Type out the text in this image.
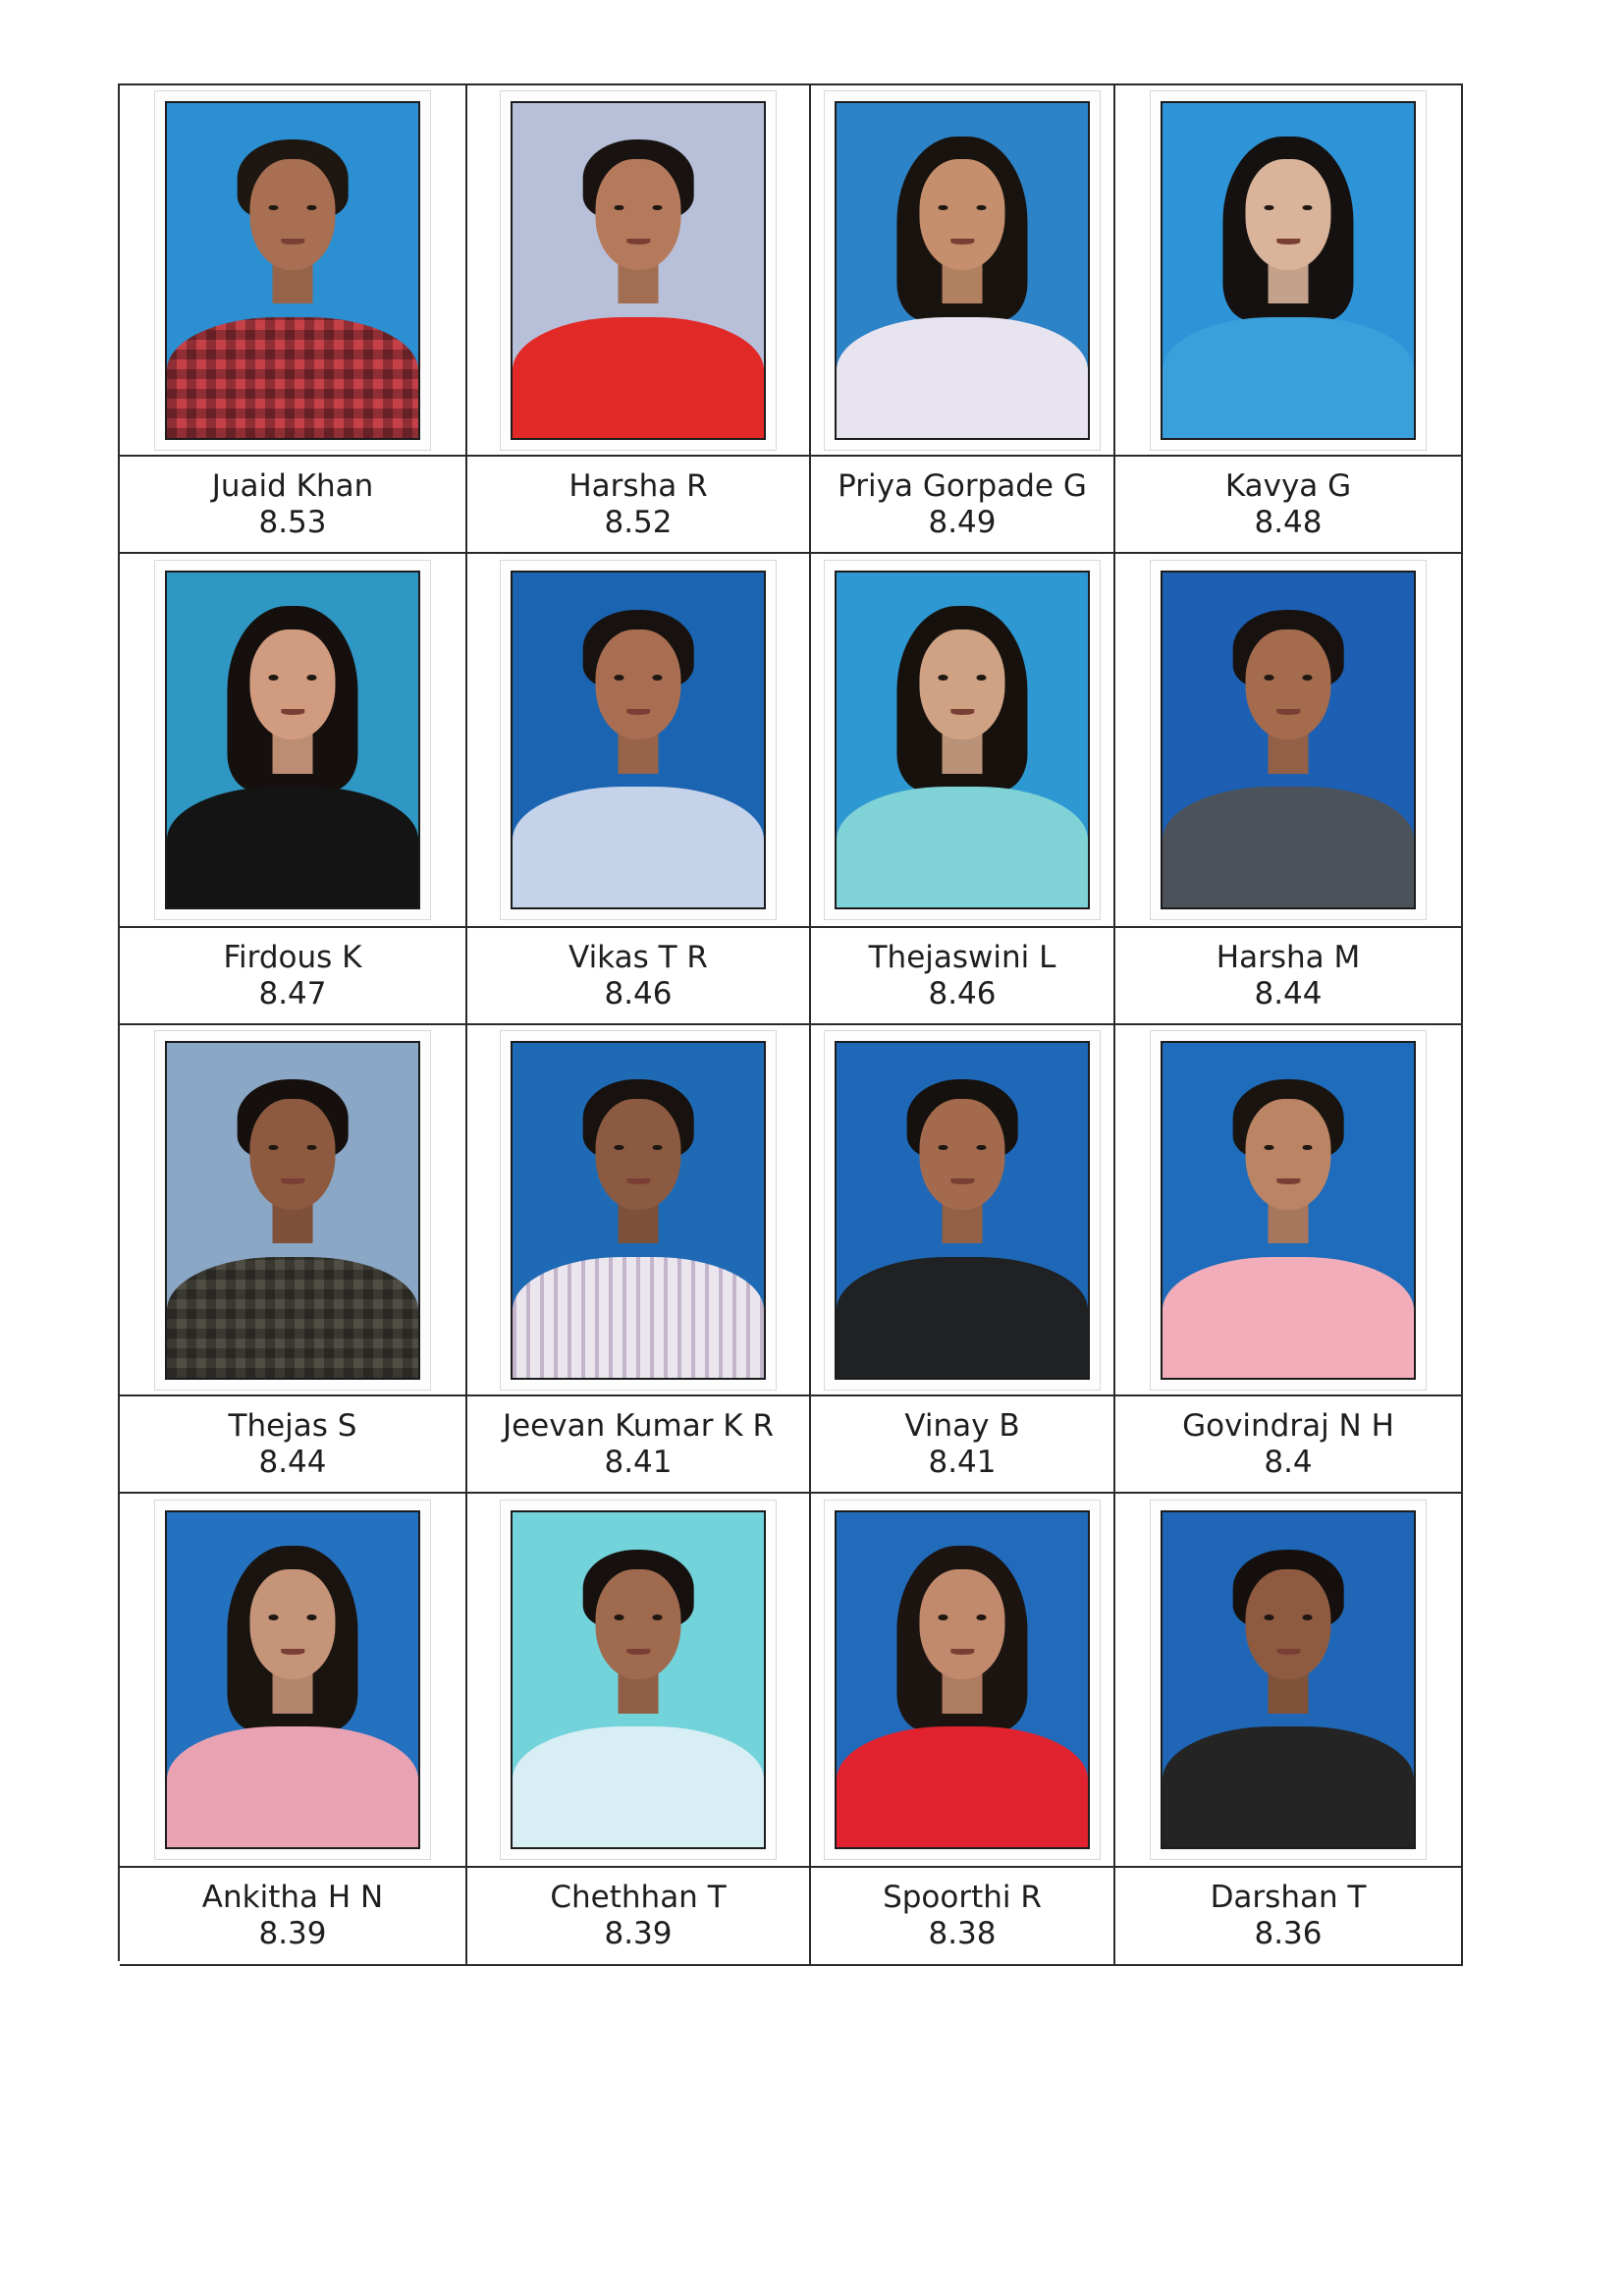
Juaid Khan
8.53
Harsha R
8.52
Priya Gorpade G
8.49
Kavya G
8.48
Firdous K
8.47
Vikas T R
8.46
Thejaswini L
8.46
Harsha M
8.44
Thejas S
8.44
Jeevan Kumar K R
8.41
Vinay B
8.41
Govindraj N H
8.4
Ankitha H N
8.39
Chethhan T
8.39
Spoorthi R
8.38
Darshan T
8.36
